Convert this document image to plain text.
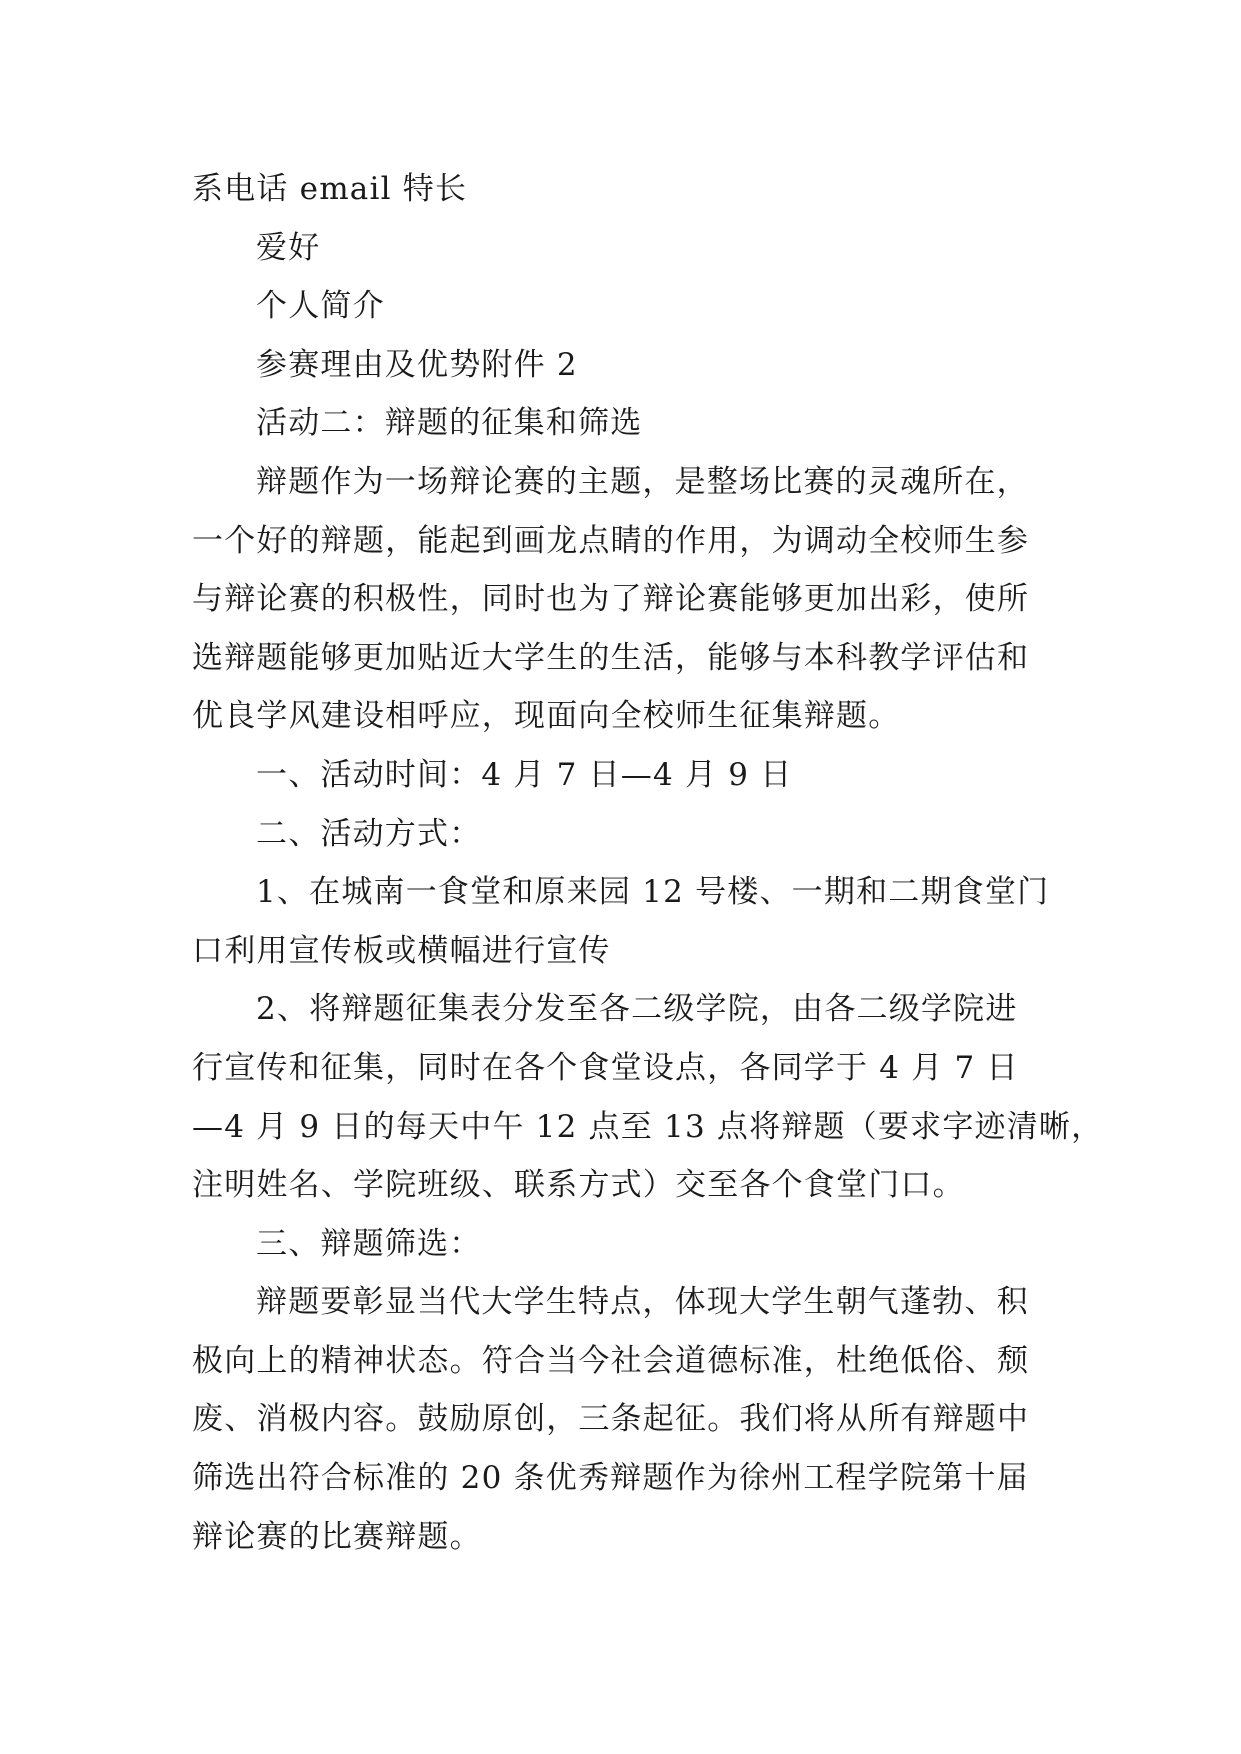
系电话 email 特长
爱好
个人简介
参赛理由及优势附件 2
活动二：辩题的征集和筛选
辩题作为一场辩论赛的主题，是整场比赛的灵魂所在，
一个好的辩题，能起到画龙点睛的作用，为调动全校师生参
与辩论赛的积极性，同时也为了辩论赛能够更加出彩，使所
选辩题能够更加贴近大学生的生活，能够与本科教学评估和
优良学风建设相呼应，现面向全校师生征集辩题。
一、活动时间：4 月 7 日—4 月 9 日
二、活动方式：
1、在城南一食堂和原来园 12 号楼、一期和二期食堂门
口利用宣传板或横幅进行宣传
2、将辩题征集表分发至各二级学院，由各二级学院进
行宣传和征集，同时在各个食堂设点，各同学于 4 月 7 日
—4 月 9 日的每天中午 12 点至 13 点将辩题（要求字迹清晰，
注明姓名、学院班级、联系方式）交至各个食堂门口。
三、辩题筛选：
辩题要彰显当代大学生特点，体现大学生朝气蓬勃、积
极向上的精神状态。符合当今社会道德标准，杜绝低俗、颓
废、消极内容。鼓励原创，三条起征。我们将从所有辩题中
筛选出符合标准的 20 条优秀辩题作为徐州工程学院第十届
辩论赛的比赛辩题。
